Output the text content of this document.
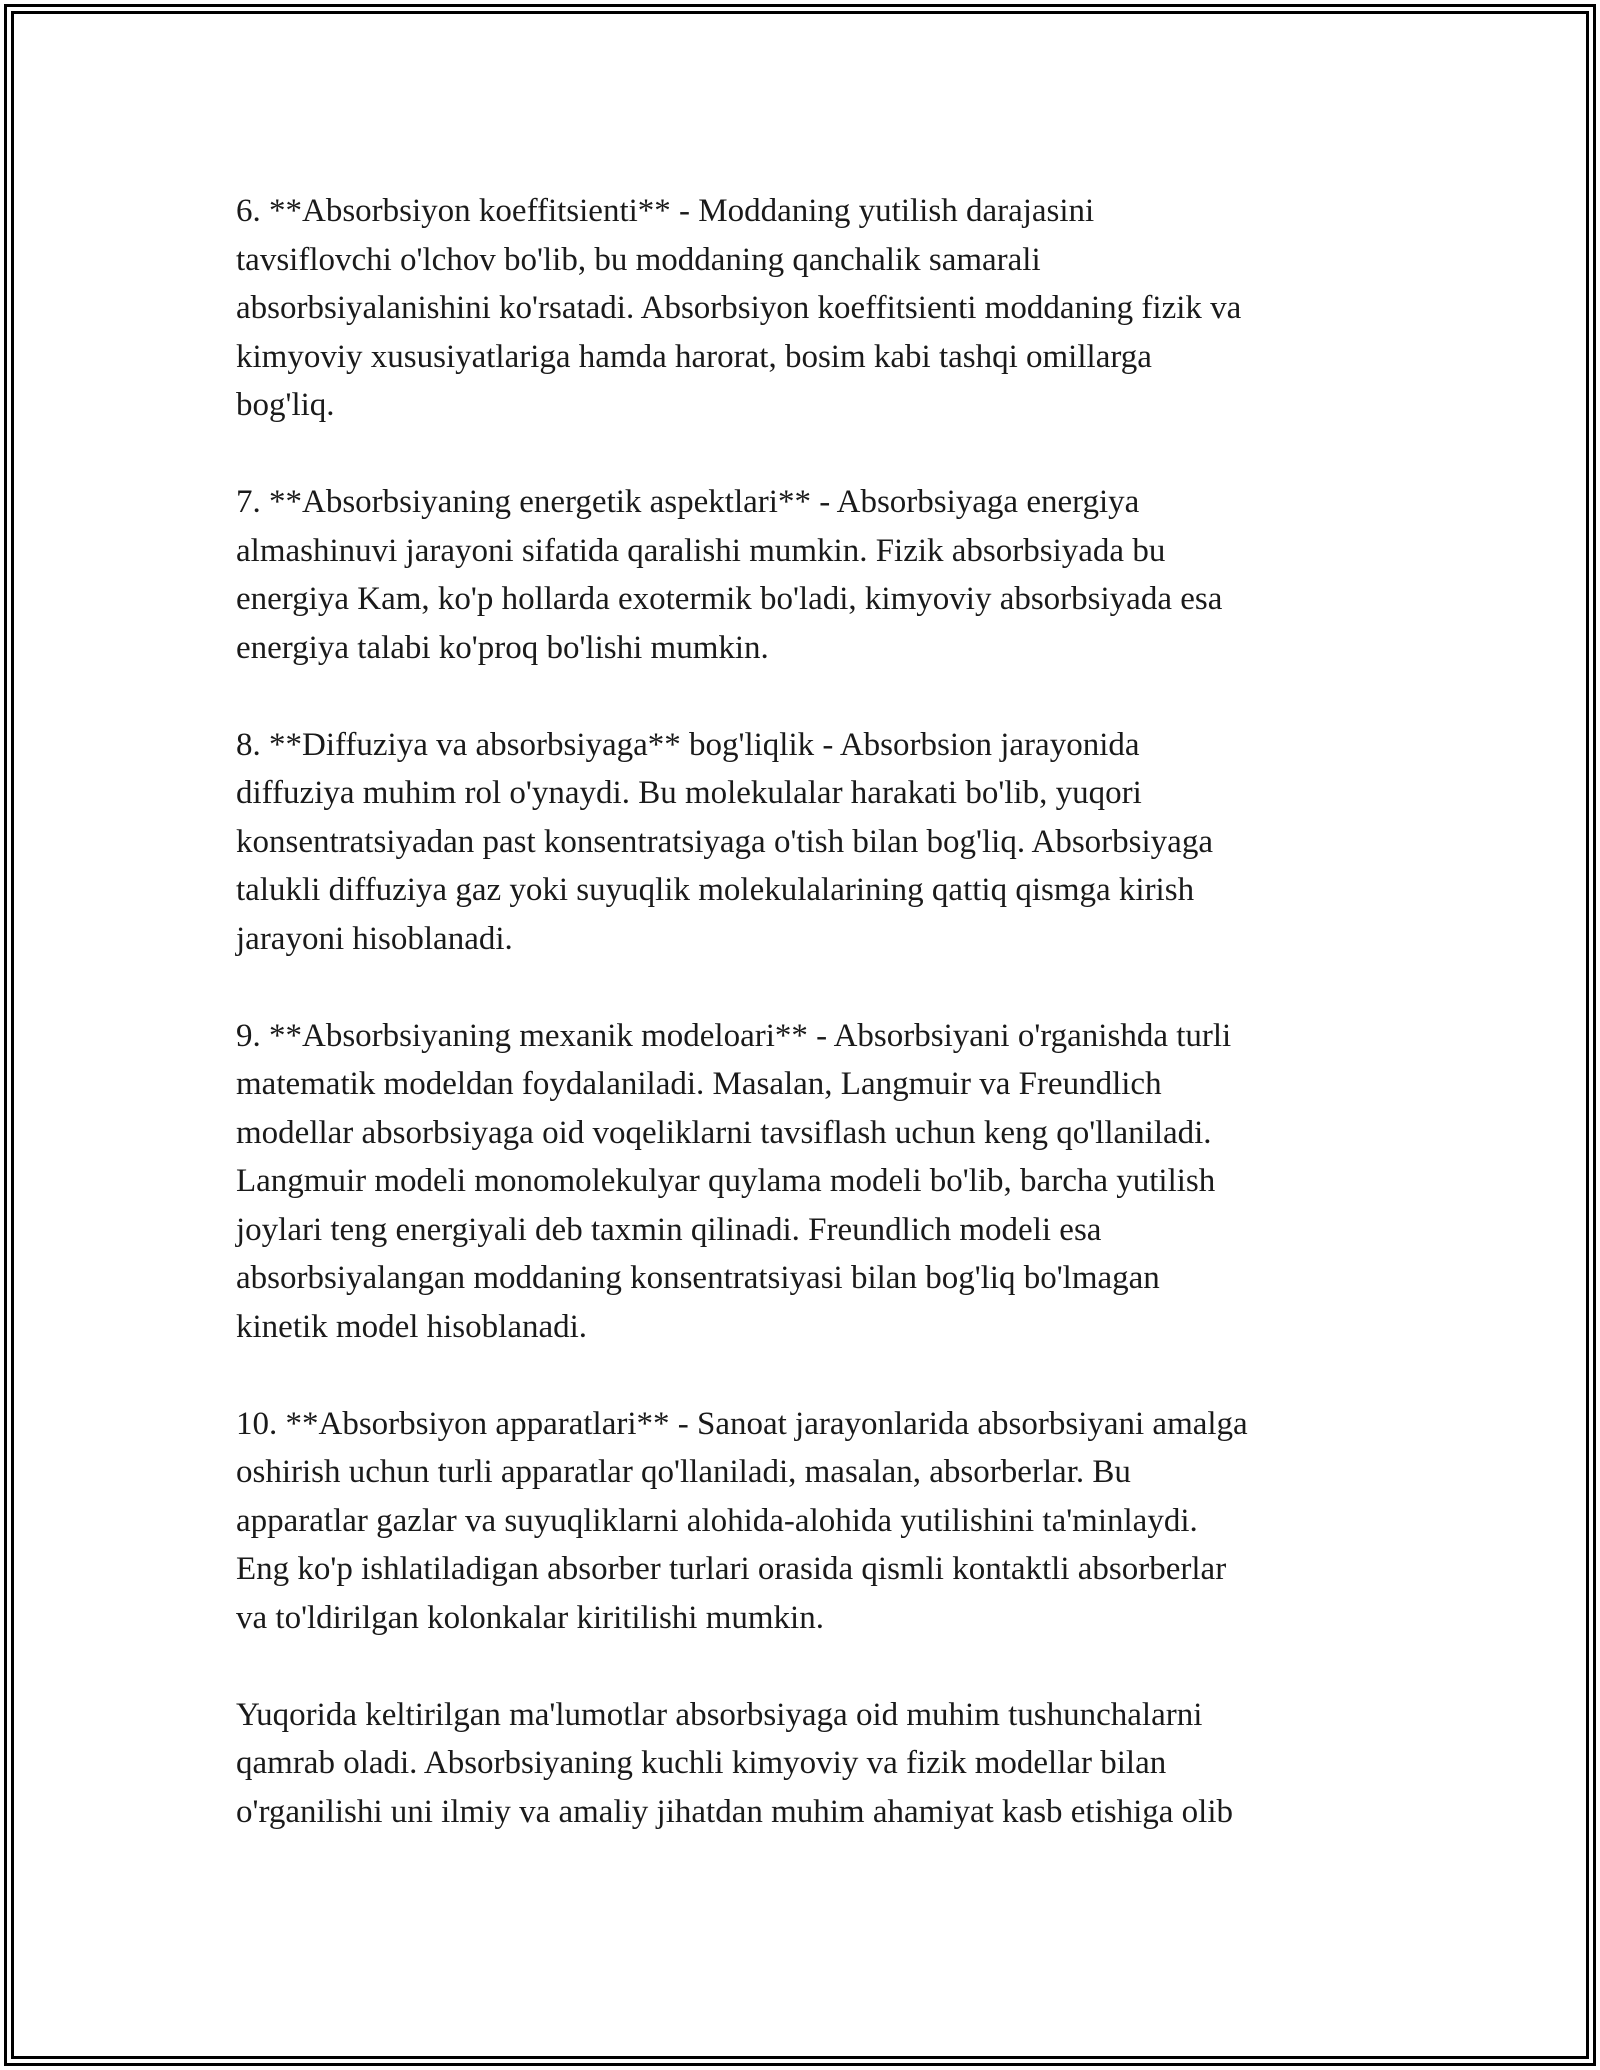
6. **Absorbsiyon koeffitsienti** - Moddaning yutilish darajasini
tavsiflovchi o'lchov bo'lib, bu moddaning qanchalik samarali
absorbsiyalanishini ko'rsatadi. Absorbsiyon koeffitsienti moddaning fizik va
kimyoviy xususiyatlariga hamda harorat, bosim kabi tashqi omillarga
bog'liq.

7. **Absorbsiyaning energetik aspektlari** - Absorbsiyaga energiya
almashinuvi jarayoni sifatida qaralishi mumkin. Fizik absorbsiyada bu
energiya Kam, ko'p hollarda exotermik bo'ladi, kimyoviy absorbsiyada esa
energiya talabi ko'proq bo'lishi mumkin.

8. **Diffuziya va absorbsiyaga** bog'liqlik - Absorbsion jarayonida
diffuziya muhim rol o'ynaydi. Bu molekulalar harakati bo'lib, yuqori
konsentratsiyadan past konsentratsiyaga o'tish bilan bog'liq. Absorbsiyaga
talukli diffuziya gaz yoki suyuqlik molekulalarining qattiq qismga kirish
jarayoni hisoblanadi.

9. **Absorbsiyaning mexanik modeloari** - Absorbsiyani o'rganishda turli
matematik modeldan foydalaniladi. Masalan, Langmuir va Freundlich
modellar absorbsiyaga oid voqeliklarni tavsiflash uchun keng qo'llaniladi.
Langmuir modeli monomolekulyar quylama modeli bo'lib, barcha yutilish
joylari teng energiyali deb taxmin qilinadi. Freundlich modeli esa
absorbsiyalangan moddaning konsentratsiyasi bilan bog'liq bo'lmagan
kinetik model hisoblanadi.

10. **Absorbsiyon apparatlari** - Sanoat jarayonlarida absorbsiyani amalga
oshirish uchun turli apparatlar qo'llaniladi, masalan, absorberlar. Bu
apparatlar gazlar va suyuqliklarni alohida-alohida yutilishini ta'minlaydi.
Eng ko'p ishlatiladigan absorber turlari orasida qismli kontaktli absorberlar
va to'ldirilgan kolonkalar kiritilishi mumkin.

Yuqorida keltirilgan ma'lumotlar absorbsiyaga oid muhim tushunchalarni
qamrab oladi. Absorbsiyaning kuchli kimyoviy va fizik modellar bilan
o'rganilishi uni ilmiy va amaliy jihatdan muhim ahamiyat kasb etishiga olib
